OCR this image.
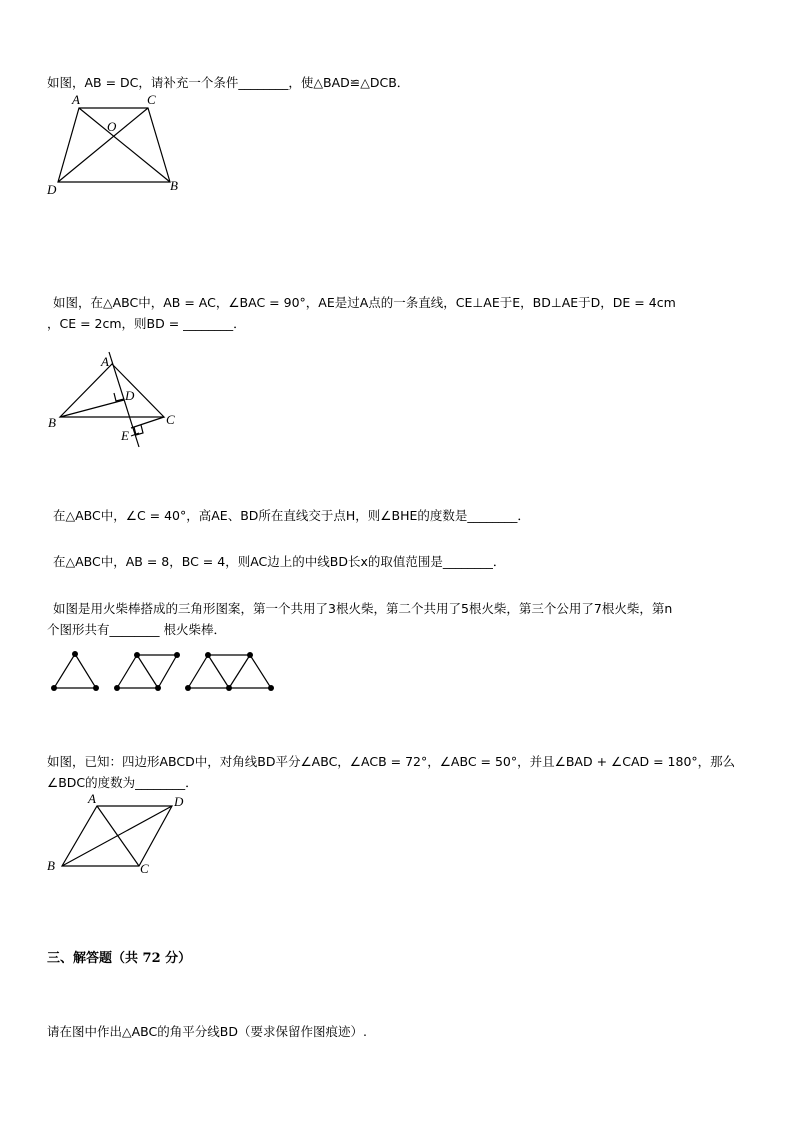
如图，AB = DC，请补充一个条件________，使△BAD≌△DCB．
A	C
O
D	B
如图，在△ABC中，AB = AC，∠BAC = 90°，AE是过A点的一条直线，CE⊥AE于E，BD⊥AE于D，DE = 4cm
，CE = 2cm，则BD = ________．
A
D
B	C
E
在△ABC中，∠C = 40°，高AE、BD所在直线交于点H，则∠BHE的度数是________．
在△ABC中，AB = 8，BC = 4，则AC边上的中线BD长x的取值范围是________．
如图是用火柴棒搭成的三角形图案，第一个共用了3根火柴，第二个共用了5根火柴，第三个公用了7根火柴，第n
个图形共有________ 根火柴棒．
如图，已知：四边形ABCD中，对角线BD平分∠ABC，∠ACB = 72°，∠ABC = 50°，并且∠BAD + ∠CAD = 180°，那么
∠BDC的度数为________．
A	D
B	C
三、解答题（共 72 分）
请在图中作出△ABC的角平分线BD（要求保留作图痕迹）.
